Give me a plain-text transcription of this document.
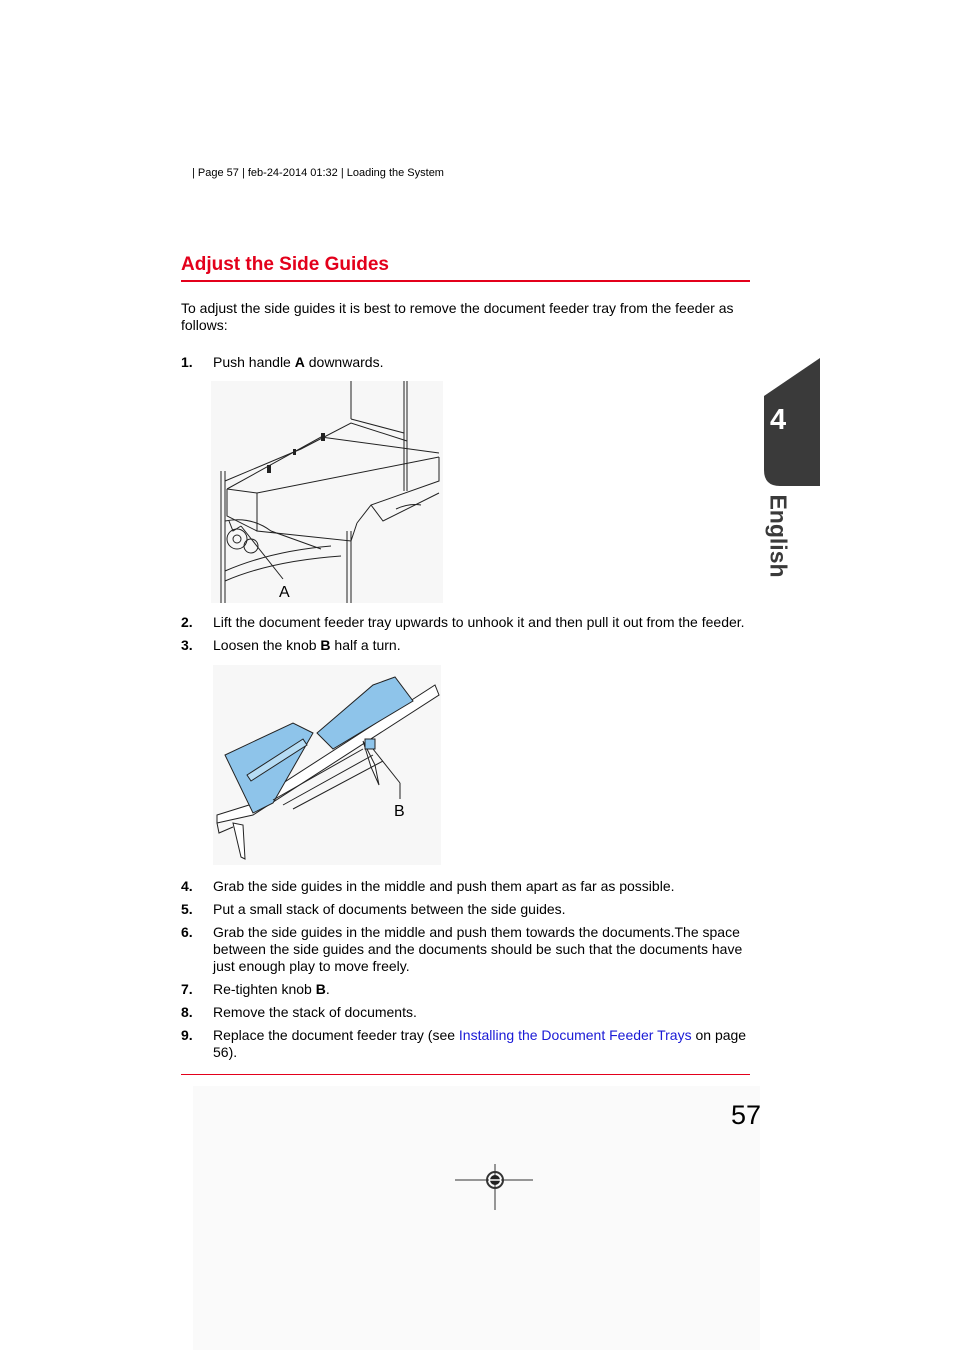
| Page 57 | feb-24-2014 01:32 | Loading the System
Adjust the Side Guides
To adjust the side guides it is best to remove the document feeder tray from the feeder as follows:
1. Push handle A downwards.
A
2. Lift the document feeder tray upwards to unhook it and then pull it out from the feeder.
3. Loosen the knob B half a turn.
B
4. Grab the side guides in the middle and push them apart as far as possible.
5. Put a small stack of documents between the side guides.
6. Grab the side guides in the middle and push them towards the documents.The space between the side guides and the documents should be such that the documents have just enough play to move freely.
7. Re-tighten knob B.
8. Remove the stack of documents.
9. Replace the document feeder tray (see Installing the Document Feeder Trays on page 56).
57
4
English
